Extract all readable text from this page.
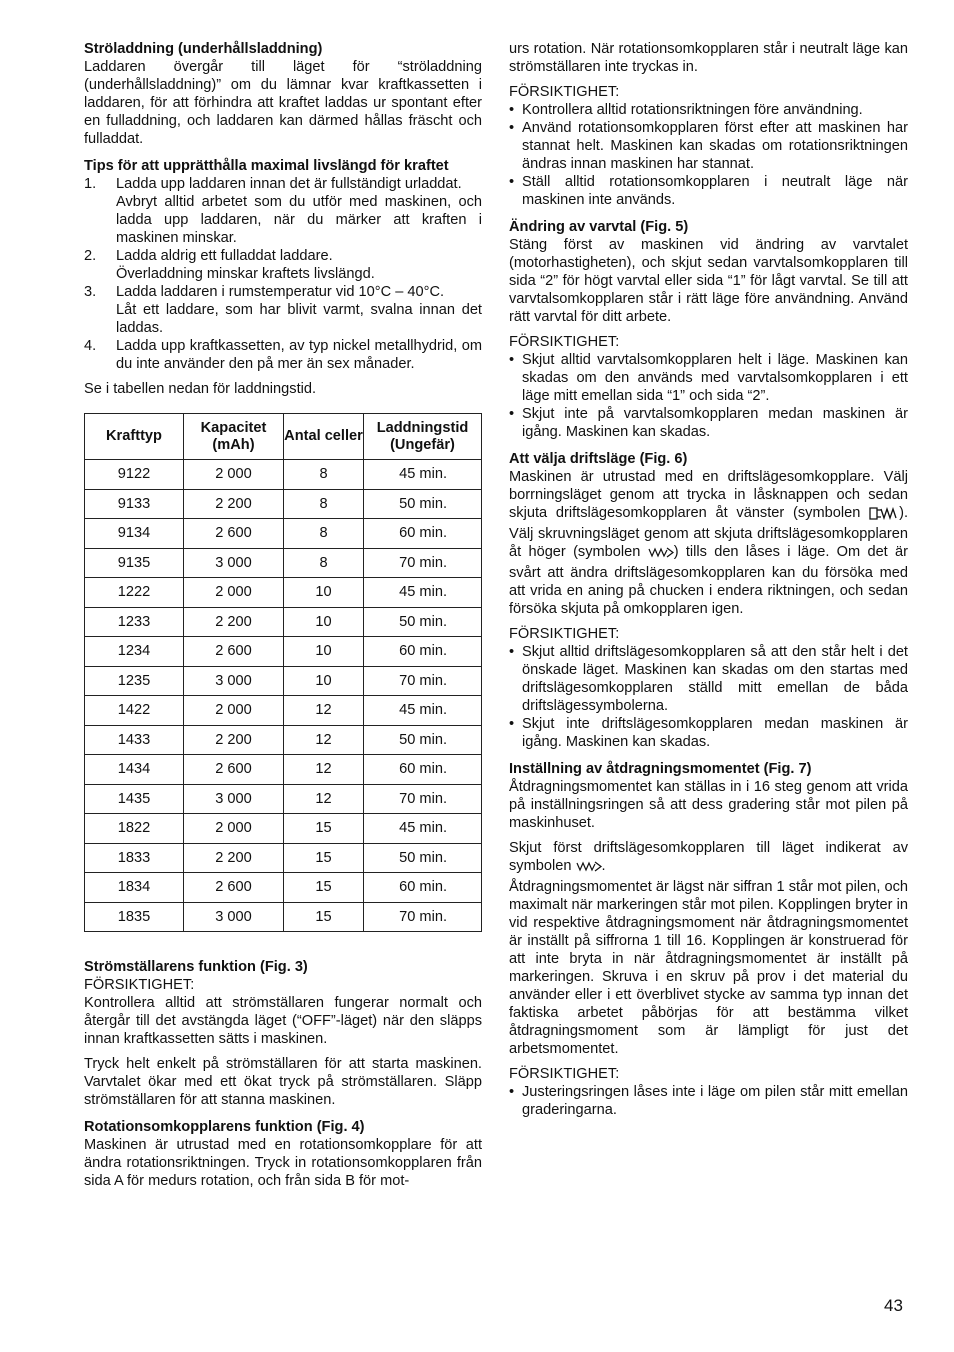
Ströladdning (underhållsladdning)

Laddaren övergår till läget för “ströladdning (underhållsladdning)” om du lämnar kvar kraftkassetten i laddaren, för att förhindra att kraftet laddas ur spontant efter en fulladdning, och laddaren kan därmed hållas fräscht och fulladdat.

Tips för att upprätthålla maximal livslängd för kraftet
1. Ladda upp laddaren innan det är fullständigt urladdat.
Avbryt alltid arbetet som du utför med maskinen, och ladda upp laddaren, när du märker att kraften i maskinen minskar.
2. Ladda aldrig ett fulladdat laddare.
Överladdning minskar kraftets livslängd.
3. Ladda laddaren i rumstemperatur vid 10°C – 40°C.
Låt ett laddare, som har blivit varmt, svalna innan det laddas.
4. Ladda upp kraftkassetten, av typ nickel metallhydrid, om du inte använder den på mer än sex månader.

Se i tabellen nedan för laddningstid.

Krafttyp	Kapacitet (mAh)	Antal celler	Laddningstid (Ungefär)
9122	2 000	8	45 min.
9133	2 200	8	50 min.
9134	2 600	8	60 min.
9135	3 000	8	70 min.
1222	2 000	10	45 min.
1233	2 200	10	50 min.
1234	2 600	10	60 min.
1235	3 000	10	70 min.
1422	2 000	12	45 min.
1433	2 200	12	50 min.
1434	2 600	12	60 min.
1435	3 000	12	70 min.
1822	2 000	15	45 min.
1833	2 200	15	50 min.
1834	2 600	15	60 min.
1835	3 000	15	70 min.
Strömställarens funktion (Fig. 3)

FÖRSIKTIGHET:

Kontrollera alltid att strömställaren fungerar normalt och återgår till det avstängda läget (“OFF”-läget) när den släpps innan kraftkassetten sätts i maskinen.

Tryck helt enkelt på strömställaren för att starta maskinen. Varvtalet ökar med ett ökat tryck på strömställaren. Släpp strömställaren för att stanna maskinen.

Rotationsomkopplarens funktion (Fig. 4)

Maskinen är utrustad med en rotationsomkopplare för att ändra rotationsriktningen. Tryck in rotationsomkopplaren från sida A för medurs rotation, och från sida B för mot-

urs rotation. När rotationsomkopplaren står i neutralt läge kan strömställaren inte tryckas in.

FÖRSIKTIGHET:

• Kontrollera alltid rotationsriktningen före användning.
• Använd rotationsomkopplaren först efter att maskinen har stannat helt. Maskinen kan skadas om rotationsriktningen ändras innan maskinen har stannat.
• Ställ alltid rotationsomkopplaren i neutralt läge när maskinen inte används.
Ändring av varvtal (Fig. 5)

Stäng först av maskinen vid ändring av varvtalet (motorhastigheten), och skjut sedan varvtalsomkopplaren till sida “2” för högt varvtal eller sida “1” för lågt varvtal. Se till att varvtalsomkopplaren står i rätt läge före användning. Använd rätt varvtal för ditt arbete.

FÖRSIKTIGHET:

• Skjut alltid varvtalsomkopplaren helt i läge. Maskinen kan skadas om den används med varvtalsomkopplaren i ett läge mitt emellan sida “1” och sida “2”.
• Skjut inte på varvtalsomkopplaren medan maskinen är igång. Maskinen kan skadas.
Att välja driftsläge (Fig. 6)

Maskinen är utrustad med en driftslägesomkopplare. Välj borrningsläget genom att trycka in låsknappen och sedan skjuta driftslägesomkopplaren åt vänster (symbolen ). Välj skruvningsläget genom att skjuta driftslägesomkopplaren åt höger (symbolen ) tills den låses i läge. Om det är svårt att ändra driftslägesomkopplaren kan du försöka med att vrida en aning på chucken i endera riktningen, och sedan försöka skjuta på omkopplaren igen.

FÖRSIKTIGHET:

• Skjut alltid driftslägesomkopplaren så att den står helt i det önskade läget. Maskinen kan skadas om den startas med driftslägesomkopplaren ställd mitt emellan de båda driftslägessymbolerna.
• Skjut inte driftslägesomkopplaren medan maskinen är igång. Maskinen kan skadas.
Inställning av åtdragningsmomentet (Fig. 7)

Åtdragningsmomentet kan ställas in i 16 steg genom att vrida på inställningsringen så att dess gradering står mot pilen på maskinhuset.

Skjut först driftslägesomkopplaren till läget indikerat av symbolen .

Åtdragningsmomentet är lägst när siffran 1 står mot pilen, och maximalt när markeringen står mot pilen. Kopplingen bryter in vid respektive åtdragningsmoment när åtdragningsmomentet är inställt på siffrorna 1 till 16. Kopplingen är konstruerad för att inte bryta in när åtdragningsmomentet är inställt på markeringen. Skruva i en skruv på prov i det material du använder eller i ett överblivet stycke av samma typ innan det faktiska arbetet påbörjas för att bestämma vilket åtdragningsmoment som är lämpligt för just det arbetsmomentet.

FÖRSIKTIGHET:

• Justeringsringen låses inte i läge om pilen står mitt emellan graderingarna.
43
